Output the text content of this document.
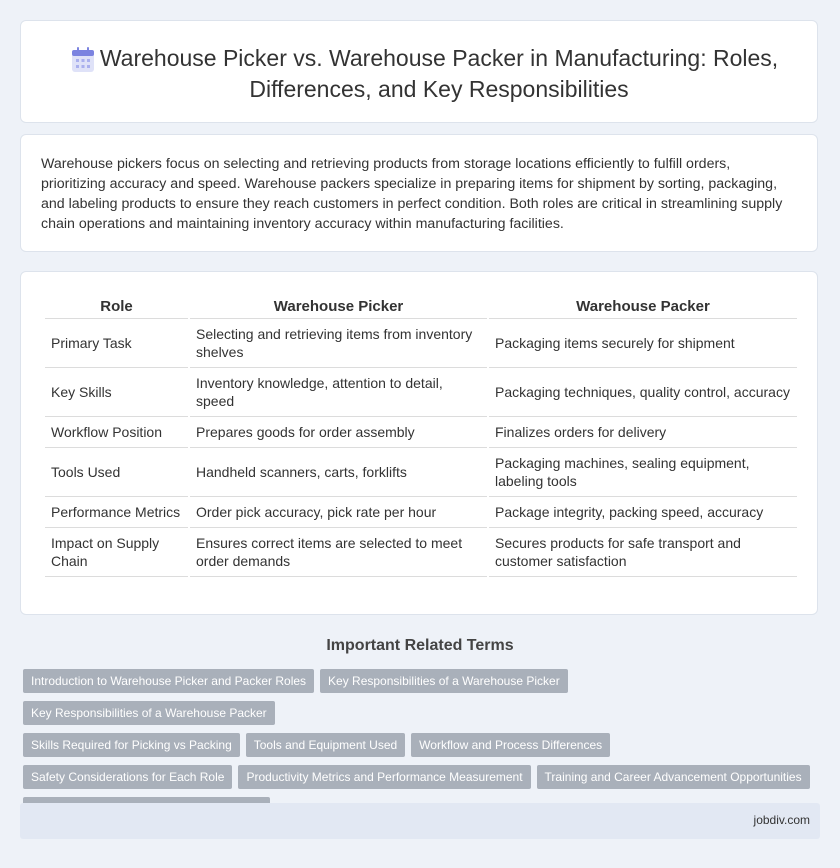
Warehouse Picker vs. Warehouse Packer in Manufacturing: Roles, Differences, and Key Responsibilities

Warehouse pickers focus on selecting and retrieving products from storage locations efficiently to fulfill orders, prioritizing accuracy and speed. Warehouse packers specialize in preparing items for shipment by sorting, packaging, and labeling products to ensure they reach customers in perfect condition. Both roles are critical in streamlining supply chain operations and maintaining inventory accuracy within manufacturing facilities.

Role	Warehouse Picker	Warehouse Packer
Primary Task	Selecting and retrieving items from inventory shelves	Packaging items securely for shipment
Key Skills	Inventory knowledge, attention to detail, speed	Packaging techniques, quality control, accuracy
Workflow Position	Prepares goods for order assembly	Finalizes orders for delivery
Tools Used	Handheld scanners, carts, forklifts	Packaging machines, sealing equipment, labeling tools
Performance Metrics	Order pick accuracy, pick rate per hour	Package integrity, packing speed, accuracy
Impact on Supply Chain	Ensures correct items are selected to meet order demands	Secures products for safe transport and customer satisfaction
Important Related Terms
Introduction to Warehouse Picker and Packer Roles Key Responsibilities of a Warehouse PickerKey Responsibilities of a Warehouse Packer
Skills Required for Picking vs Packing Tools and Equipment Used Workflow and Process Differences
Safety Considerations for Each Role Productivity Metrics and Performance Measurement Training and Career Advancement Opportunities

jobdiv.com
